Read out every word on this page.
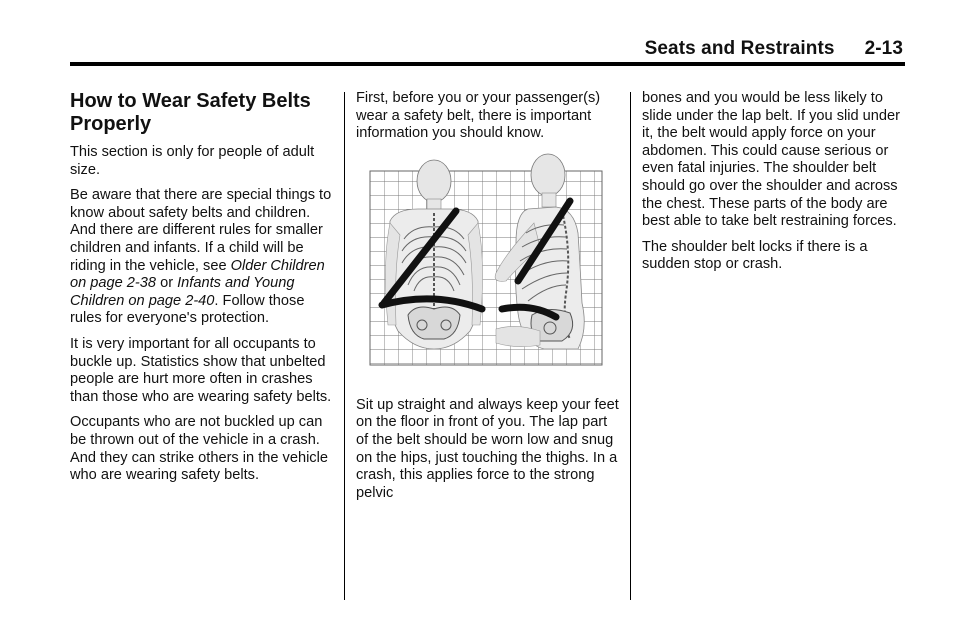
Seats and Restraints 2-13
How to Wear Safety Belts Properly

This section is only for people of adult size.

Be aware that there are special things to know about safety belts and children. And there are different rules for smaller children and infants. If a child will be riding in the vehicle, see Older Children on page 2-38 or Infants and Young Children on page 2-40. Follow those rules for everyone's protection.

It is very important for all occupants to buckle up. Statistics show that unbelted people are hurt more often in crashes than those who are wearing safety belts.

Occupants who are not buckled up can be thrown out of the vehicle in a crash. And they can strike others in the vehicle who are wearing safety belts.

First, before you or your passenger(s) wear a safety belt, there is important information you should know.

Sit up straight and always keep your feet on the floor in front of you. The lap part of the belt should be worn low and snug on the hips, just touching the thighs. In a crash, this applies force to the strong pelvic

bones and you would be less likely to slide under the lap belt. If you slid under it, the belt would apply force on your abdomen. This could cause serious or even fatal injuries. The shoulder belt should go over the shoulder and across the chest. These parts of the body are best able to take belt restraining forces.

The shoulder belt locks if there is a sudden stop or crash.
